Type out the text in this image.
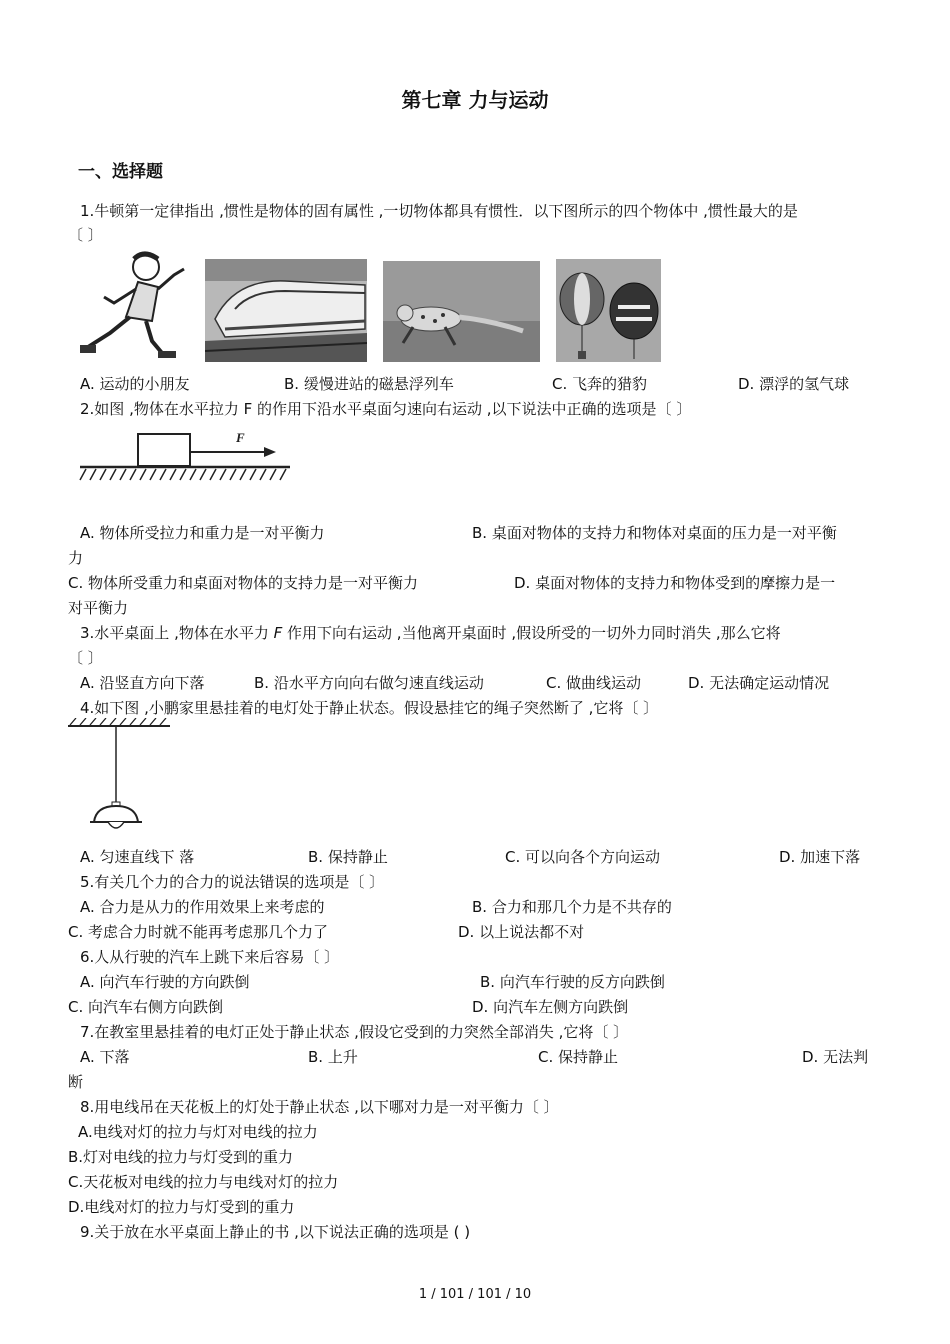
第七章 力与运动
一、选择题
1.牛顿第一定律指出 ,惯性是物体的固有属性 ,一切物体都具有惯性．以下图所示的四个物体中 ,惯性最大的是
〔 〕
A. 运动的小朋友	B. 缓慢进站的磁悬浮列车	C. 飞奔的猎豹	D. 漂浮的氢气球
2.如图 ,物体在水平拉力 F 的作用下沿水平桌面匀速向右运动 ,以下说法中正确的选项是〔 〕
F
A. 物体所受拉力和重力是一对平衡力	B. 桌面对物体的支持力和物体对桌面的压力是一对平衡
力
C. 物体所受重力和桌面对物体的支持力是一对平衡力	D. 桌面对物体的支持力和物体受到的摩擦力是一
对平衡力
3.水平桌面上 ,物体在水平力 F 作用下向右运动 ,当他离开桌面时 ,假设所受的一切外力同时消失 ,那么它将
〔 〕
A. 沿竖直方向下落	B. 沿水平方向向右做匀速直线运动	C. 做曲线运动	D. 无法确定运动情况
4.如下图 ,小鹏家里悬挂着的电灯处于静止状态。假设悬挂它的绳子突然断了 ,它将〔 〕
A. 匀速直线下 落	B. 保持静止	C. 可以向各个方向运动	D. 加速下落
5.有关几个力的合力的说法错误的选项是〔 〕
A. 合力是从力的作用效果上来考虑的	B. 合力和那几个力是不共存的
C. 考虑合力时就不能再考虑那几个力了	D. 以上说法都不对
6.人从行驶的汽车上跳下来后容易〔 〕
A. 向汽车行驶的方向跌倒	B. 向汽车行驶的反方向跌倒
C. 向汽车右侧方向跌倒	D. 向汽车左侧方向跌倒
7.在教室里悬挂着的电灯正处于静止状态 ,假设它受到的力突然全部消失 ,它将〔 〕
A. 下落	B. 上升	C. 保持静止	D. 无法判
断
8.用电线吊在天花板上的灯处于静止状态 ,以下哪对力是一对平衡力〔 〕
A.电线对灯的拉力与灯对电线的拉力
B.灯对电线的拉力与灯受到的重力
C.天花板对电线的拉力与电线对灯的拉力
D.电线对灯的拉力与灯受到的重力
9.关于放在水平桌面上静止的书 ,以下说法正确的选项是 ( )
1 / 101 / 101 / 10
